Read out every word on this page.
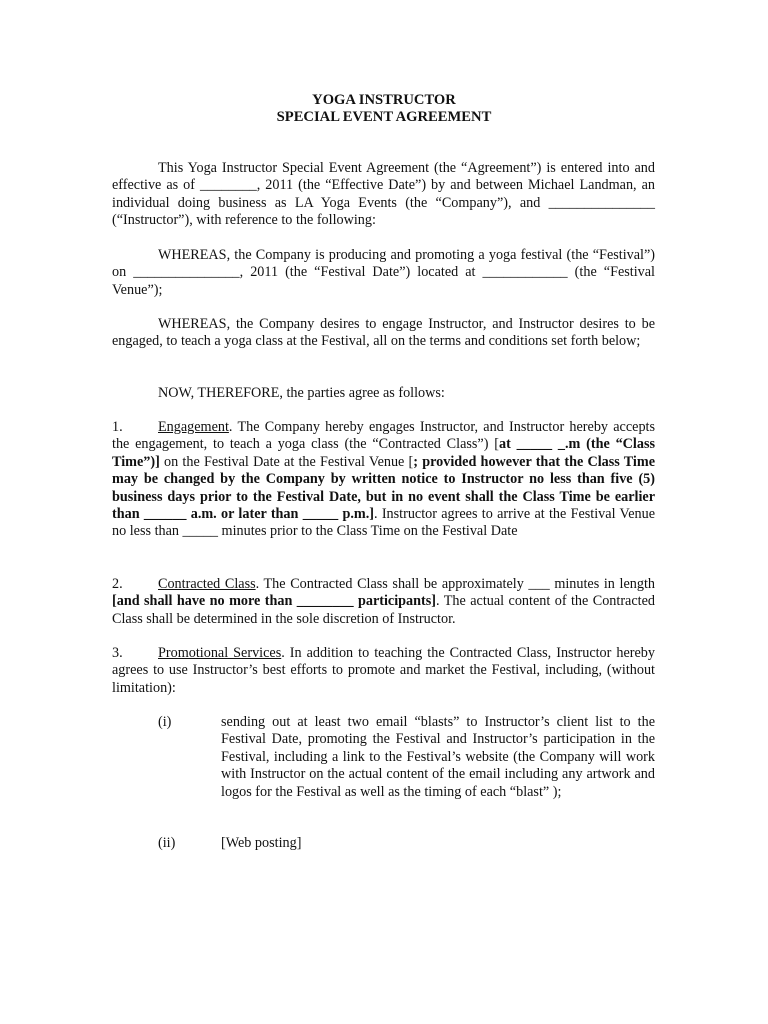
YOGA INSTRUCTOR
SPECIAL EVENT AGREEMENT

This Yoga Instructor Special Event Agreement (the “Agreement”) is entered into and effective as of ________, 2011 (the “Effective Date”) by and between Michael Landman, an individual doing business as LA Yoga Events (the “Company”), and _______________ (“Instructor”), with reference to the following:

WHEREAS, the Company is producing and promoting a yoga festival (the “Festival”) on _______________, 2011 (the “Festival Date”) located at ____________ (the “Festival Venue”);

WHEREAS, the Company desires to engage Instructor, and Instructor desires to be engaged, to teach a yoga class at the Festival, all on the terms and conditions set forth below;

NOW, THEREFORE, the parties agree as follows:

1. Engagement. The Company hereby engages Instructor, and Instructor hereby accepts the engagement, to teach a yoga class (the “Contracted Class”) [at _____ _.m (the “Class Time”)] on the Festival Date at the Festival Venue [; provided however that the Class Time may be changed by the Company by written notice to Instructor no less than five (5) business days prior to the Festival Date, but in no event shall the Class Time be earlier than ______ a.m. or later than _____ p.m.]. Instructor agrees to arrive at the Festival Venue no less than _____ minutes prior to the Class Time on the Festival Date

2. Contracted Class. The Contracted Class shall be approximately ___ minutes in length [and shall have no more than ________ participants]. The actual content of the Contracted Class shall be determined in the sole discretion of Instructor.

3. Promotional Services. In addition to teaching the Contracted Class, Instructor hereby agrees to use Instructor’s best efforts to promote and market the Festival, including, (without limitation):

(i)	sending out at least two email “blasts” to Instructor’s client list to the Festival Date, promoting the Festival and Instructor’s participation in the Festival, including a link to the Festival’s website (the Company will work with Instructor on the actual content of the email including any artwork and logos for the Festival as well as the timing of each “blast” );

(ii)	[Web posting]
